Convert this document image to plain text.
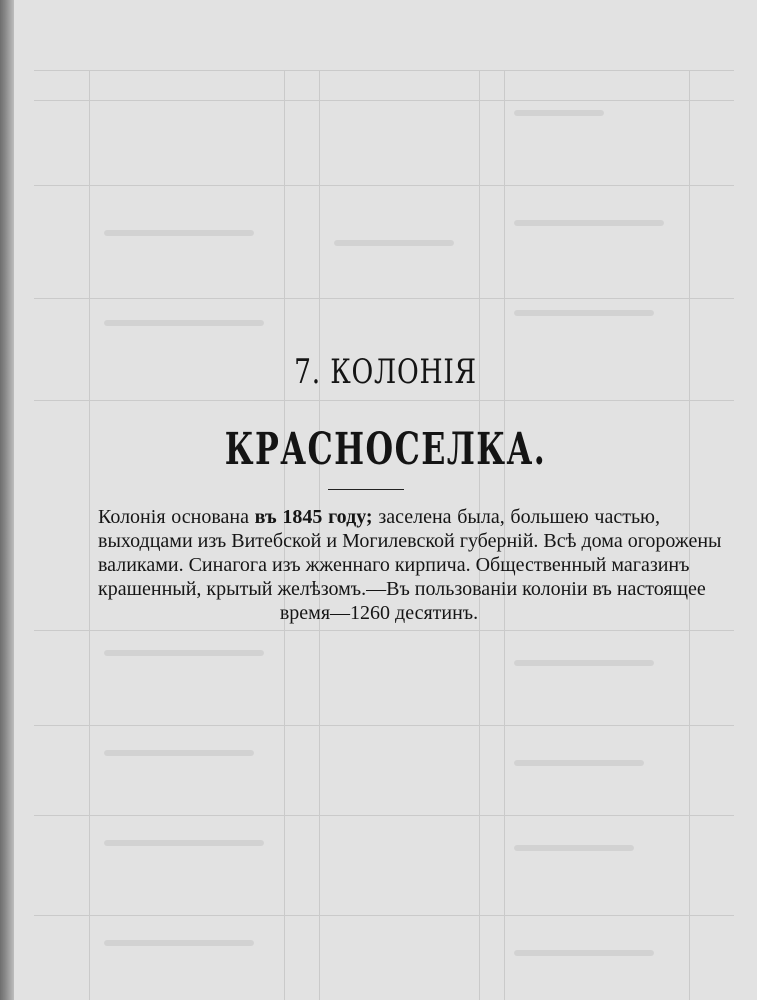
7. КОЛОНІЯ
КРАСНОСЕЛКА.
Колонія основана въ 1845 году; заселена была, большею частью,
выходцами изъ Витебской и Могилевской губерній. Всѣ дома огорожены
валиками. Синагога изъ жженнаго кирпича. Общественный магазинъ
крашенный, крытый желѣзомъ.—Въ пользованіи колоніи въ настоящее
время—1260 десятинъ.
